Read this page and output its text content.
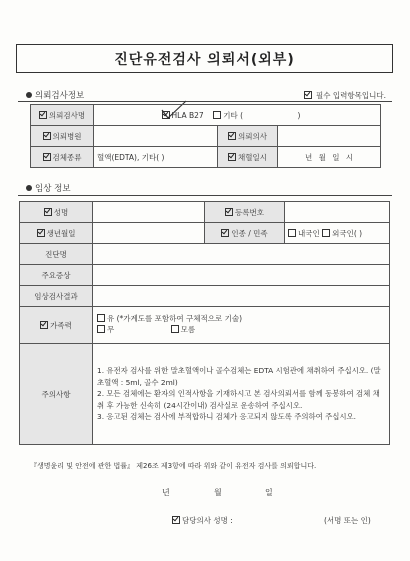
진단유전검사 의뢰서(외부)
의뢰검사정보	필수 입력항목입니다.
의뢰검사명		HLA B27 기타 ( )		
의뢰병원			의뢰의사	
검체종류	혈액(EDTA), 기타( )		채혈일시	년 월 일 시
임상 정보
성명		등록번호	
생년월일		인종 / 민족	내국인 외국인( )
진단명			
주요증상			
임상검사결과			
가족력	유 (*가계도를 포함하여 구체적으로 기술)
무 모름		

주의사항	1. 유전자 검사를 위한 말초혈액이나 골수검체는 EDTA 시험관에 채취하여 주십시오. (말초혈액 : 5ml, 골수 2ml)
2. 모든 검체에는 환자의 인적사항을 기재하시고 본 검사의뢰서를 함께 동봉하여 검체 채취 후 가능한 신속히 (24시간이내) 검사실로 운송하여 주십시오.
3. 응고된 검체는 검사에 부적합하니 검체가 응고되지 않도록 주의하여 주십시오.		
『생명윤리 및 안전에 관한 법률』 제26조 제3항에 따라 위와 같이 유전자 검사를 의뢰합니다.
년	월	일
담당의사 성명 :	(서명 또는 인)
